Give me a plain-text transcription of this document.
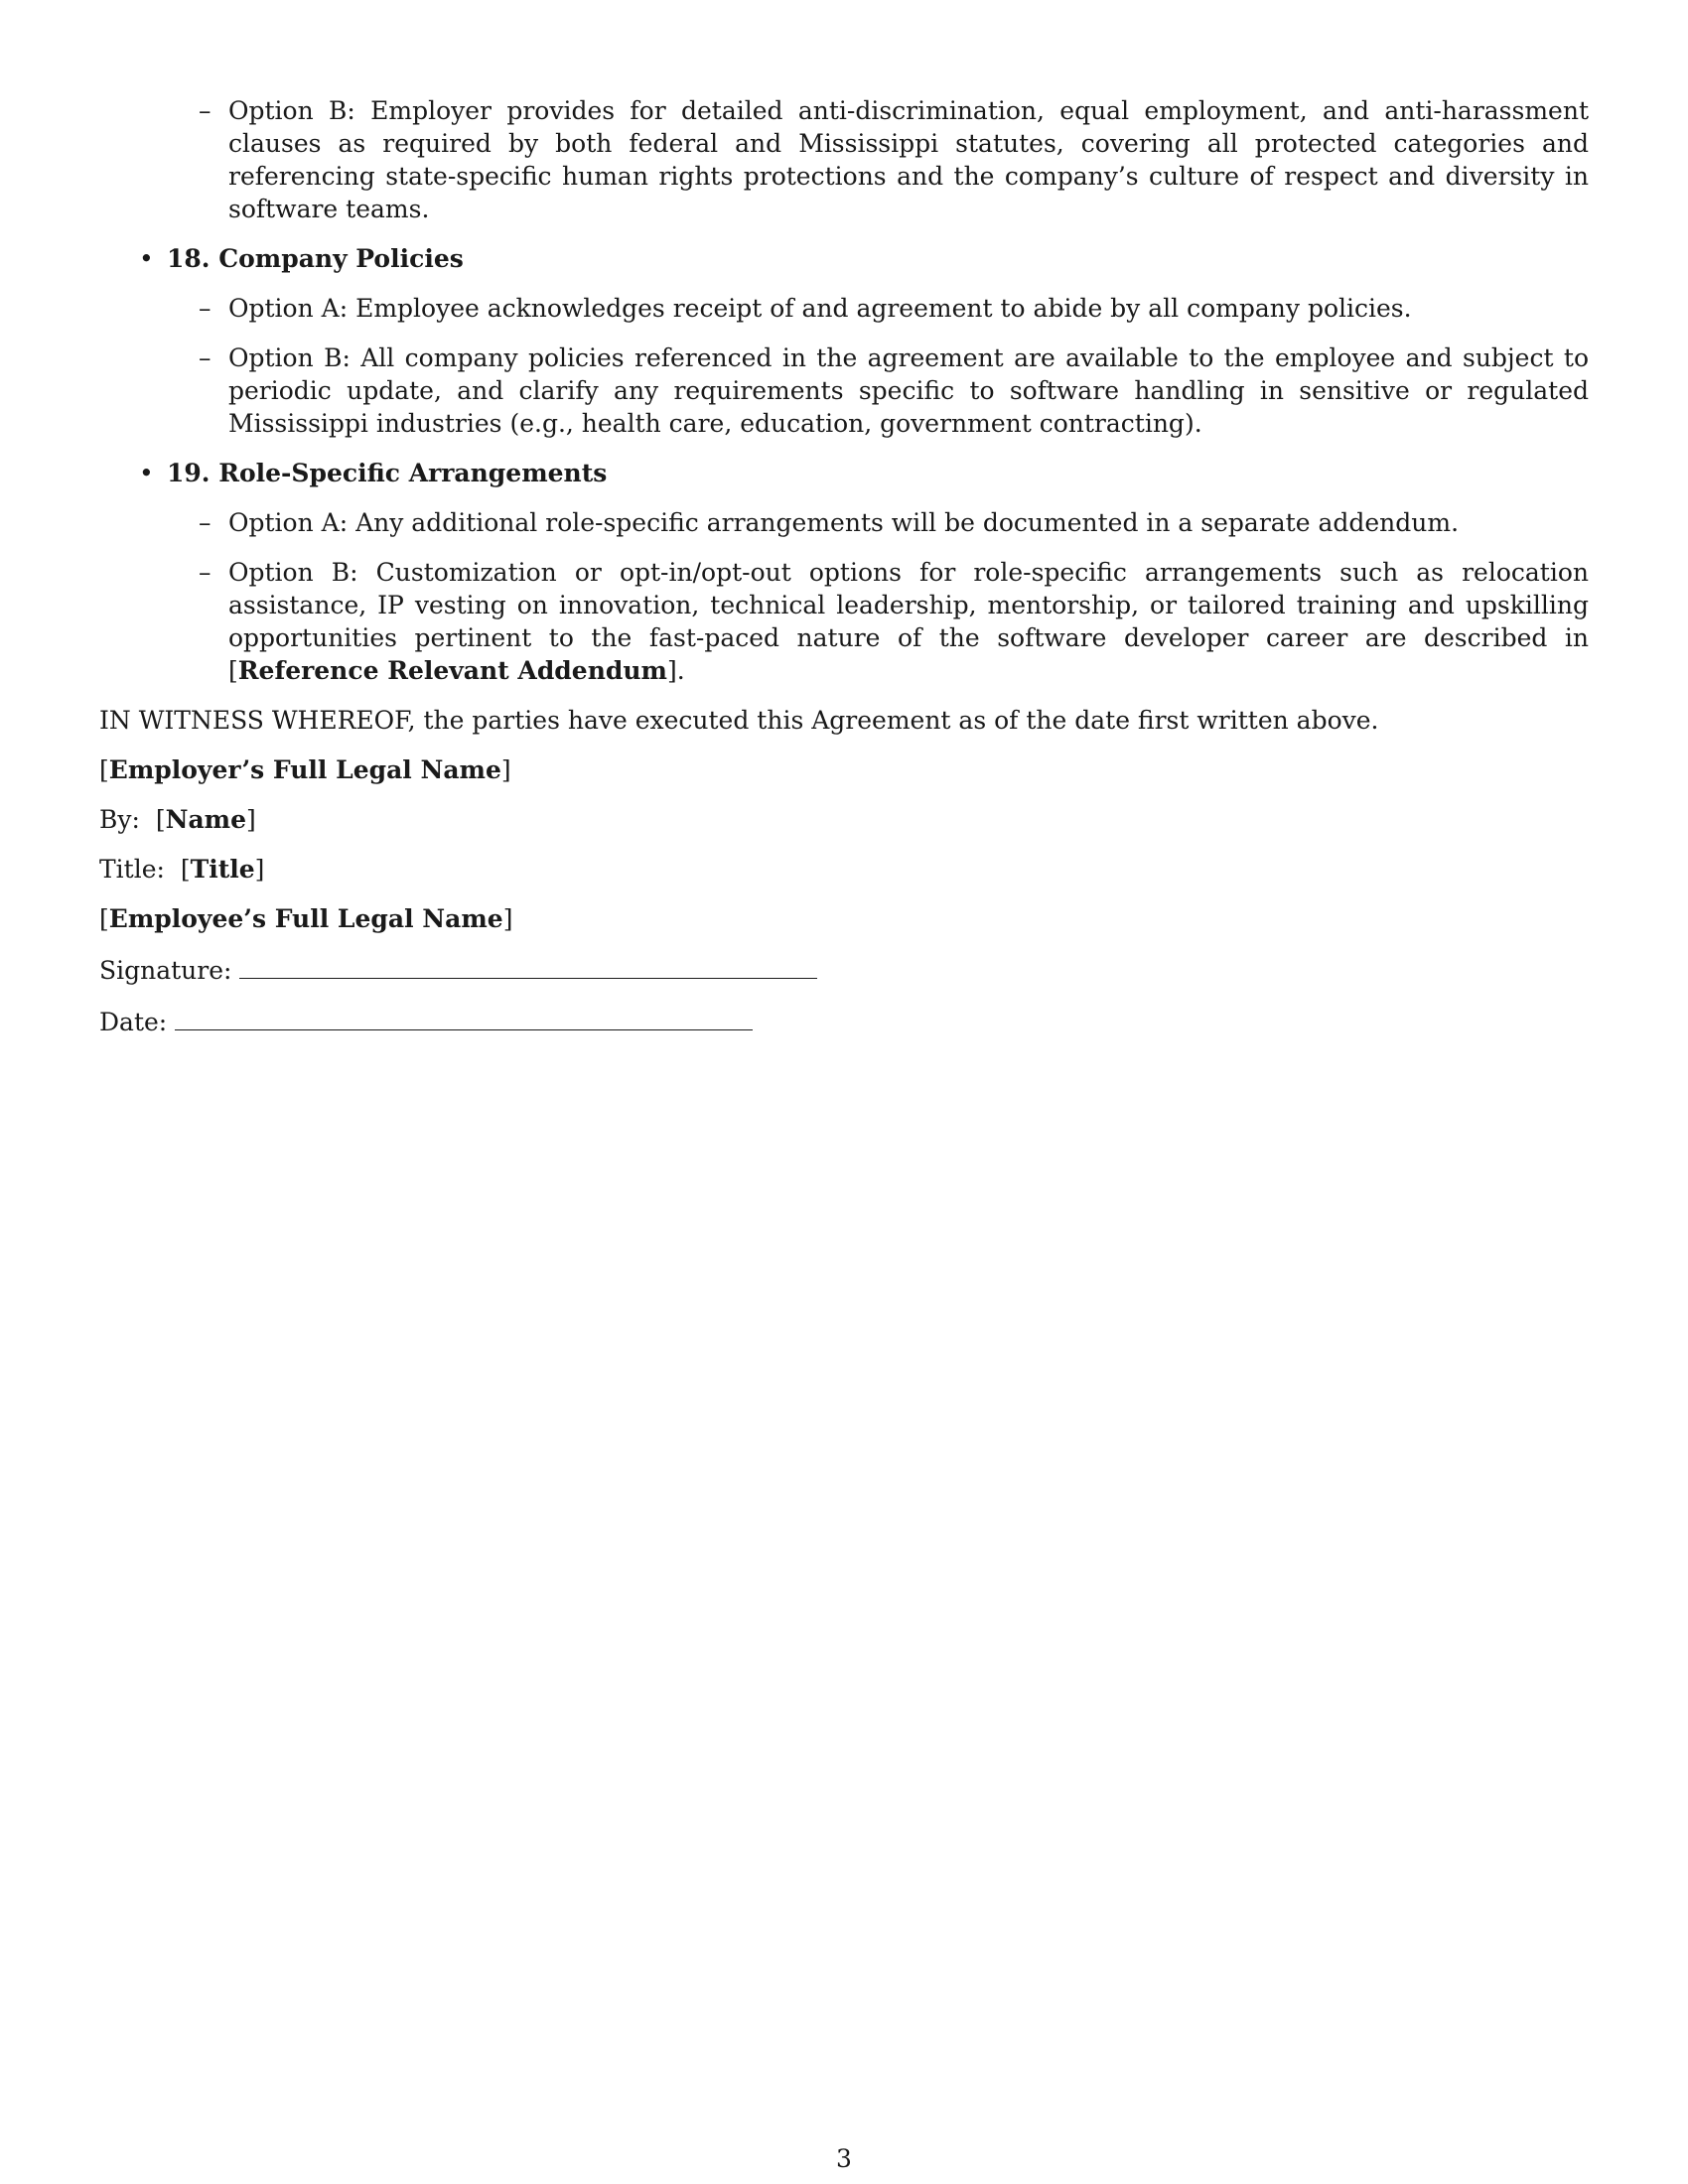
– Option B: Employer provides for detailed anti-discrimination, equal employment, and anti-harassment clauses as required by both federal and Mississippi statutes, covering all protected categories and referencing state-specific human rights protections and the company’s culture of respect and diversity in software teams.
• 18. Company Policies
– Option A: Employee acknowledges receipt of and agreement to abide by all company policies.
– Option B: All company policies referenced in the agreement are available to the employee and subject to periodic update, and clarify any requirements specific to software handling in sensitive or regulated Mississippi industries (e.g., health care, education, government contracting).
• 19. Role-Specific Arrangements
– Option A: Any additional role-specific arrangements will be documented in a separate addendum.
– Option B: Customization or opt-in/opt-out options for role-specific arrangements such as relocation assistance, IP vesting on innovation, technical leadership, mentorship, or tailored training and upskilling opportunities pertinent to the fast-paced nature of the software developer career are described in [Reference Relevant Addendum].
IN WITNESS WHEREOF, the parties have executed this Agreement as of the date first written above.
[Employer’s Full Legal Name]
By: [Name]
Title: [Title]
[Employee’s Full Legal Name]
Signature:
Date:
3
